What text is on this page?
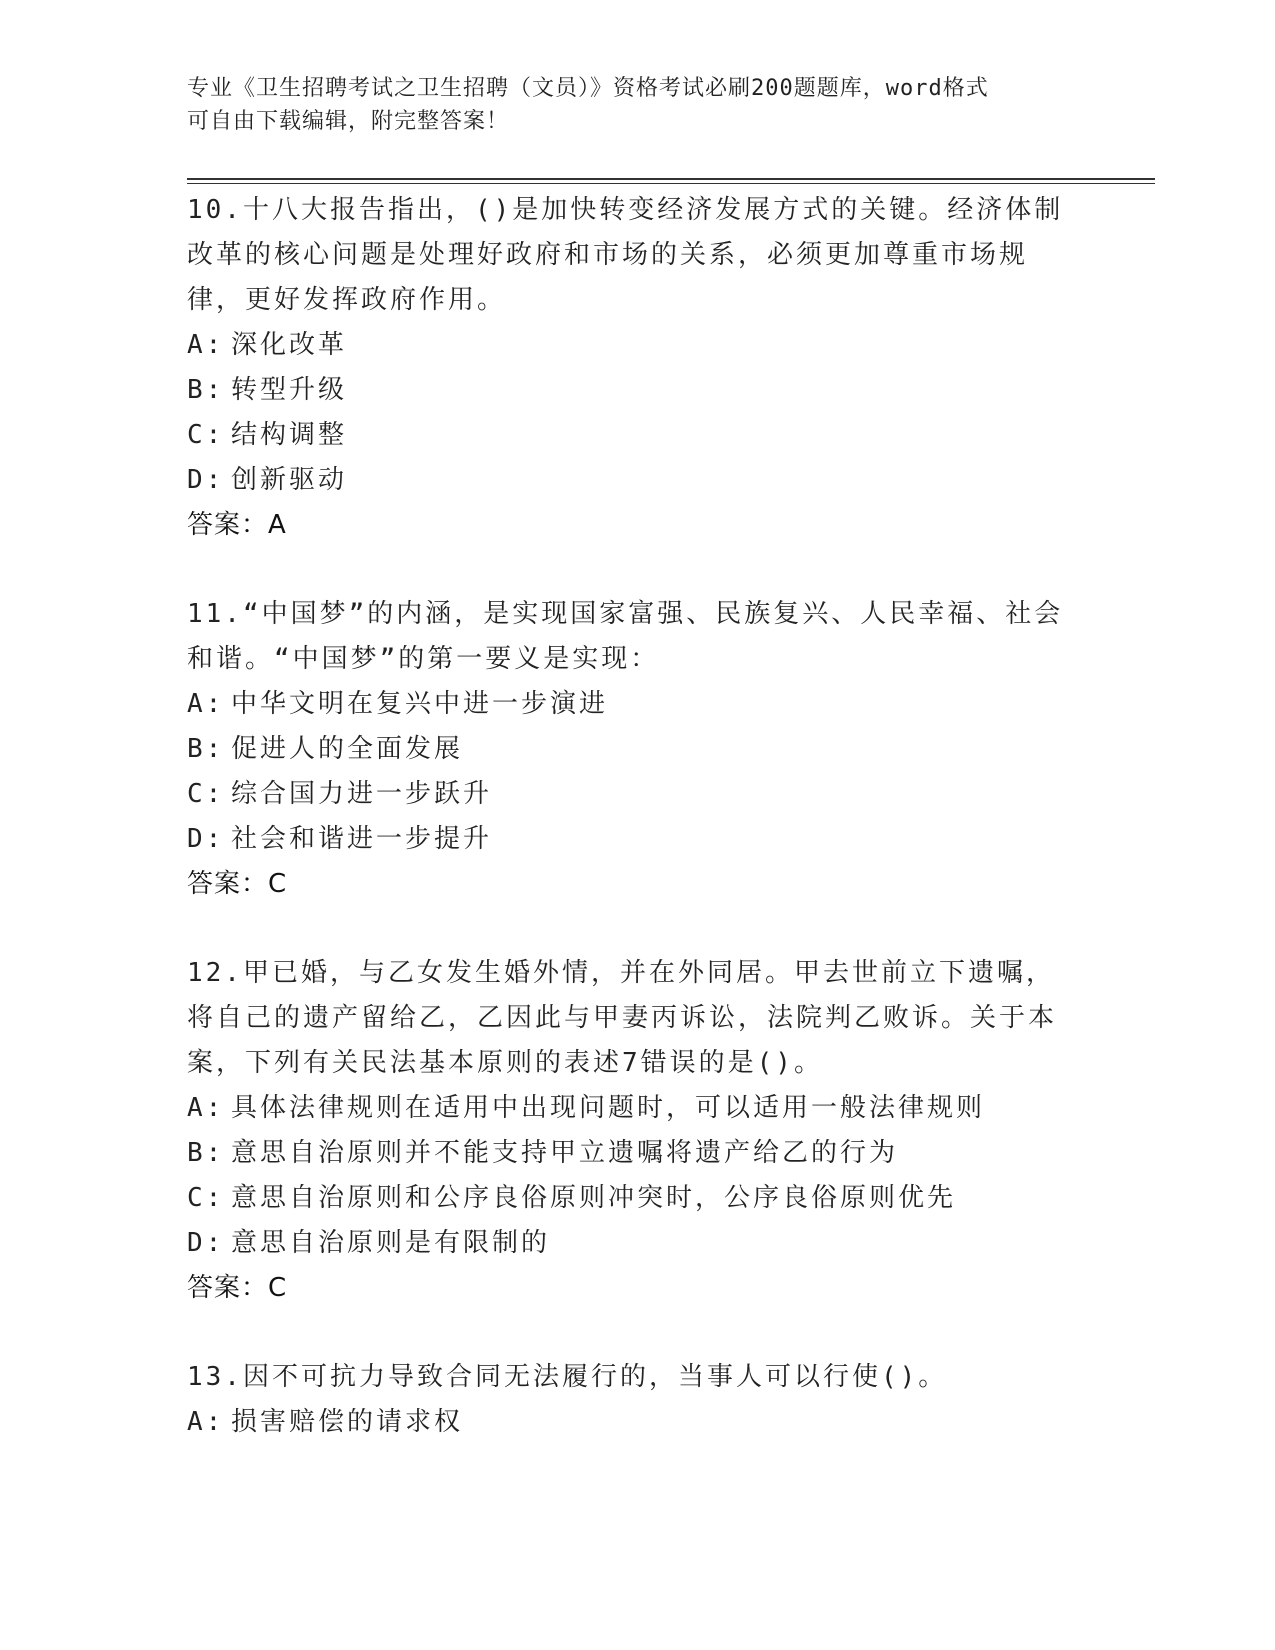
专业《卫生招聘考试之卫生招聘（文员）》资格考试必刷200题题库，word格式
可自由下载编辑，附完整答案！
10.十八大报告指出，()是加快转变经济发展方式的关键。经济体制改革的核心问题是处理好政府和市场的关系，必须更加尊重市场规律，更好发挥政府作用。
A: 深化改革
B: 转型升级
C: 结构调整
D: 创新驱动
答案：A
11.“中国梦”的内涵，是实现国家富强、民族复兴、人民幸福、社会和谐。“中国梦”的第一要义是实现：
A: 中华文明在复兴中进一步演进
B: 促进人的全面发展
C: 综合国力进一步跃升
D: 社会和谐进一步提升
答案：C
12.甲已婚，与乙女发生婚外情，并在外同居。甲去世前立下遗嘱，将自己的遗产留给乙，乙因此与甲妻丙诉讼，法院判乙败诉。关于本案，下列有关民法基本原则的表述7错误的是()。
A: 具体法律规则在适用中出现问题时，可以适用一般法律规则
B: 意思自治原则并不能支持甲立遗嘱将遗产给乙的行为
C: 意思自治原则和公序良俗原则冲突时，公序良俗原则优先
D: 意思自治原则是有限制的
答案：C
13.因不可抗力导致合同无法履行的，当事人可以行使()。
A: 损害赔偿的请求权
